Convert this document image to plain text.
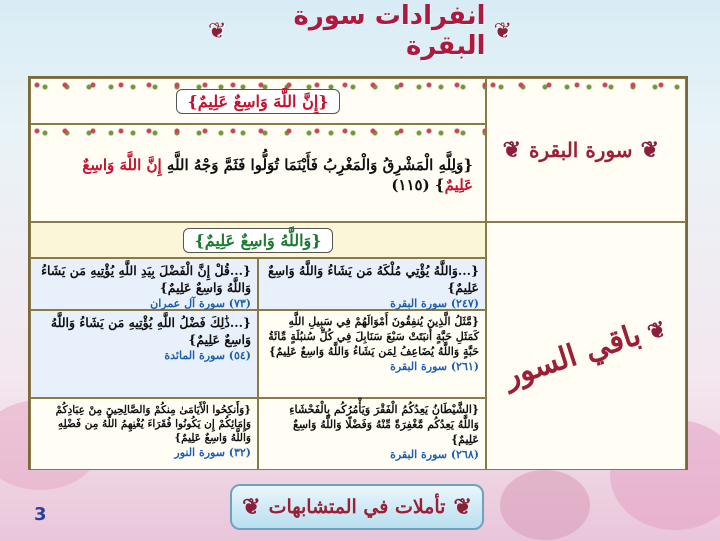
❦
انفرادات سورة البقرة
❦
❦سورة البقرة❦
❦باقي السور
{إِنَّ اللَّهَ وَاسِعٌ عَلِيمٌ}
{وَلِلَّهِ الْمَشْرِقُ وَالْمَغْرِبُ فَأَيْنَمَا تُوَلُّوا فَثَمَّ وَجْهُ اللَّهِ إِنَّ اللَّهَ وَاسِعٌ عَلِيمٌ} (١١٥)
{وَاللَّهُ وَاسِعٌ عَلِيمٌ}
{...وَاللَّهُ يُؤْتِي مُلْكَهُ مَن يَشَاءُ وَاللَّهُ وَاسِعٌ عَلِيمٌ}
(٢٤٧) سورة البقرة
{...قُلْ إِنَّ الْفَضْلَ بِيَدِ اللَّهِ يُؤْتِيهِ مَن يَشَاءُ وَاللَّهُ وَاسِعٌ عَلِيمٌ}
(٧٣) سورة آل عمران
{مَّثَلُ الَّذِينَ يُنفِقُونَ أَمْوَالَهُمْ فِي سَبِيلِ اللَّهِ كَمَثَلِ حَبَّةٍ أَنبَتَتْ سَبْعَ سَنَابِلَ فِي كُلِّ سُنبُلَةٍ مِّائَةُ حَبَّةٍ وَاللَّهُ يُضَاعِفُ لِمَن يَشَاءُ وَاللَّهُ وَاسِعٌ عَلِيمٌ}
(٢٦١) سورة البقرة
{...ذَٰلِكَ فَضْلُ اللَّهِ يُؤْتِيهِ مَن يَشَاءُ وَاللَّهُ وَاسِعٌ عَلِيمٌ}
(٥٤) سورة المائدة
{الشَّيْطَانُ يَعِدُكُمُ الْفَقْرَ وَيَأْمُرُكُم بِالْفَحْشَاءِ وَاللَّهُ يَعِدُكُم مَّغْفِرَةً مِّنْهُ وَفَضْلًا وَاللَّهُ وَاسِعٌ عَلِيمٌ}
(٢٦٨) سورة البقرة
{وَأَنكِحُوا الْأَيَامَىٰ مِنكُمْ وَالصَّالِحِينَ مِنْ عِبَادِكُمْ وَإِمَائِكُمْ إِن يَكُونُوا فُقَرَاءَ يُغْنِهِمُ اللَّهُ مِن فَضْلِهِ وَاللَّهُ وَاسِعٌ عَلِيمٌ}
(٣٢) سورة النور
❦
تأملات في المتشابهات
❦
3
